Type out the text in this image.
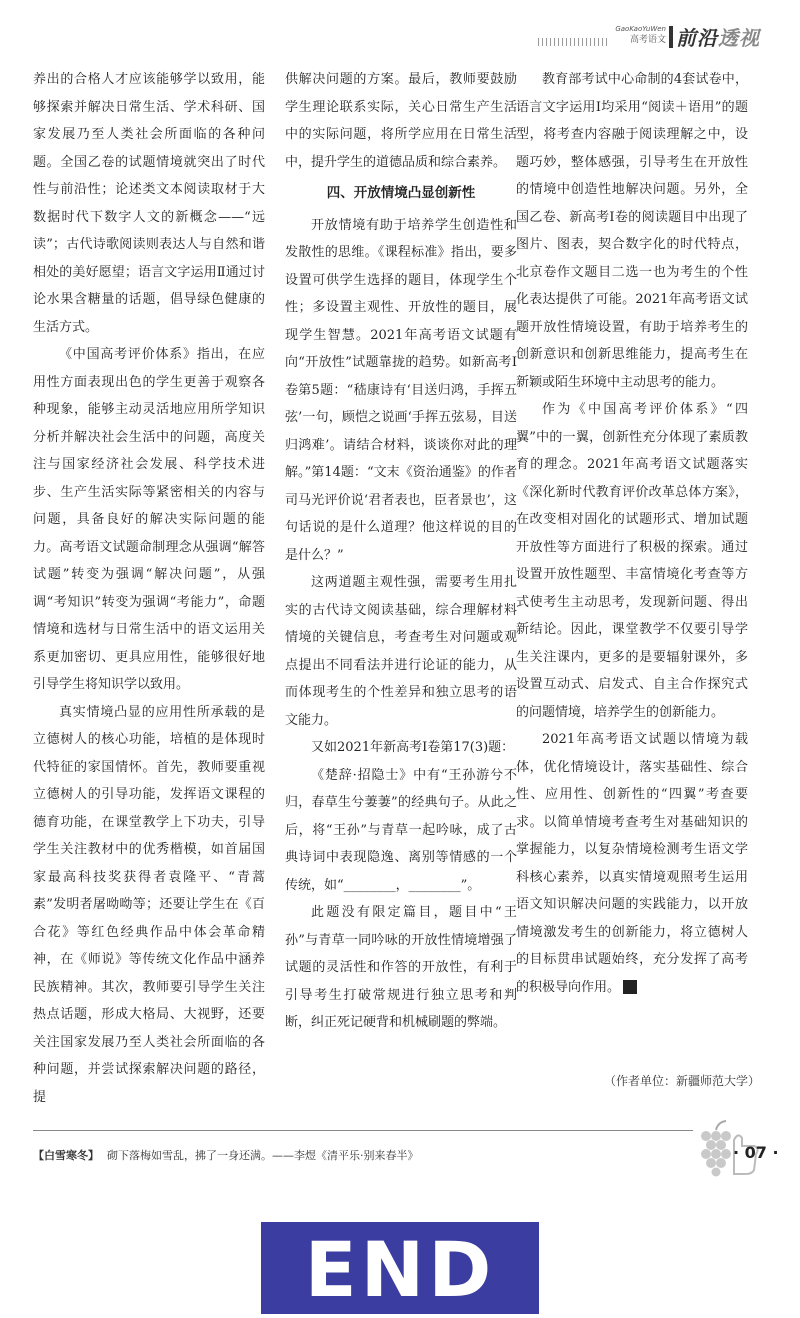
GaoKaoYuWen
高考语文 前沿透视

养出的合格人才应该能够学以致用，能够探索并解决日常生活、学术科研、国家发展乃至人类社会所面临的各种问题。全国乙卷的试题情境就突出了时代性与前沿性；论述类文本阅读取材于大数据时代下数字人文的新概念——“远读”；古代诗歌阅读则表达人与自然和谐相处的美好愿望；语言文字运用Ⅱ通过讨论水果含糖量的话题，倡导绿色健康的生活方式。

《中国高考评价体系》指出，在应用性方面表现出色的学生更善于观察各种现象，能够主动灵活地应用所学知识分析并解决社会生活中的问题，高度关注与国家经济社会发展、科学技术进步、生产生活实际等紧密相关的内容与问题，具备良好的解决实际问题的能力。高考语文试题命制理念从强调“解答试题”转变为强调“解决问题”，从强调“考知识”转变为强调“考能力”，命题情境和选材与日常生活中的语文运用关系更加密切、更具应用性，能够很好地引导学生将知识学以致用。

真实情境凸显的应用性所承载的是立德树人的核心功能，培植的是体现时代特征的家国情怀。首先，教师要重视立德树人的引导功能，发挥语文课程的德育功能，在课堂教学上下功夫，引导学生关注教材中的优秀楷模，如首届国家最高科技奖获得者袁隆平、“青蒿素”发明者屠呦呦等；还要让学生在《百合花》等红色经典作品中体会革命精神，在《师说》等传统文化作品中涵养民族精神。其次，教师要引导学生关注热点话题，形成大格局、大视野，还要关注国家发展乃至人类社会所面临的各种问题，并尝试探索解决问题的路径，提

供解决问题的方案。最后，教师要鼓励学生理论联系实际，关心日常生产生活中的实际问题，将所学应用在日常生活中，提升学生的道德品质和综合素养。

四、开放情境凸显创新性

开放情境有助于培养学生创造性和发散性的思维。《课程标准》指出，要多设置可供学生选择的题目，体现学生个性；多设置主观性、开放性的题目，展现学生智慧。2021年高考语文试题有向“开放性”试题靠拢的趋势。如新高考Ⅰ卷第5题：“嵇康诗有‘目送归鸿，手挥五弦’一句，顾恺之说画‘手挥五弦易，目送归鸿难’。请结合材料，谈谈你对此的理解。”第14题：“文末《资治通鉴》的作者司马光评价说‘君者表也，臣者景也’，这句话说的是什么道理？他这样说的目的是什么？”

这两道题主观性强，需要考生用扎实的古代诗文阅读基础，综合理解材料情境的关键信息，考查考生对问题或观点提出不同看法并进行论证的能力，从而体现考生的个性差异和独立思考的语文能力。

又如2021年新高考Ⅰ卷第17(3)题：

《楚辞·招隐士》中有“王孙游兮不归，春草生兮萋萋”的经典句子。从此之后，将“王孙”与青草一起吟咏，成了古典诗词中表现隐逸、离别等情感的一个传统，如“________，________”。

此题没有限定篇目，题目中“王孙”与青草一同吟咏的开放性情境增强了试题的灵活性和作答的开放性，有利于引导考生打破常规进行独立思考和判断，纠正死记硬背和机械刷题的弊端。

教育部考试中心命制的4套试卷中，语言文字运用Ⅰ均采用“阅读＋语用”的题型，将考查内容融于阅读理解之中，设题巧妙，整体感强，引导考生在开放性的情境中创造性地解决问题。另外，全国乙卷、新高考Ⅰ卷的阅读题目中出现了图片、图表，契合数字化的时代特点，北京卷作文题目二选一也为考生的个性化表达提供了可能。2021年高考语文试题开放性情境设置，有助于培养考生的创新意识和创新思维能力，提高考生在新颖或陌生环境中主动思考的能力。

作为《中国高考评价体系》“四翼”中的一翼，创新性充分体现了素质教育的理念。2021年高考语文试题落实《深化新时代教育评价改革总体方案》，在改变相对固化的试题形式、增加试题开放性等方面进行了积极的探索。通过设置开放性题型、丰富情境化考查等方式使考生主动思考，发现新问题、得出新结论。因此，课堂教学不仅要引导学生关注课内，更多的是要辐射课外，多设置互动式、启发式、自主合作探究式的问题情境，培养学生的创新能力。

2021年高考语文试题以情境为载体，优化情境设计，落实基础性、综合性、应用性、创新性的“四翼”考查要求。以简单情境考查考生对基础知识的掌握能力，以复杂情境检测考生语文学科核心素养，以真实情境观照考生运用语文知识解决问题的实践能力，以开放情境激发考生的创新能力，将立德树人的目标贯串试题始终，充分发挥了高考的积极导向作用。	y

（作者单位：新疆师范大学）
【白雪寒冬】 砌下落梅如雪乱，拂了一身还满。——李煜《清平乐·别来春半》	· 07 ·
END
